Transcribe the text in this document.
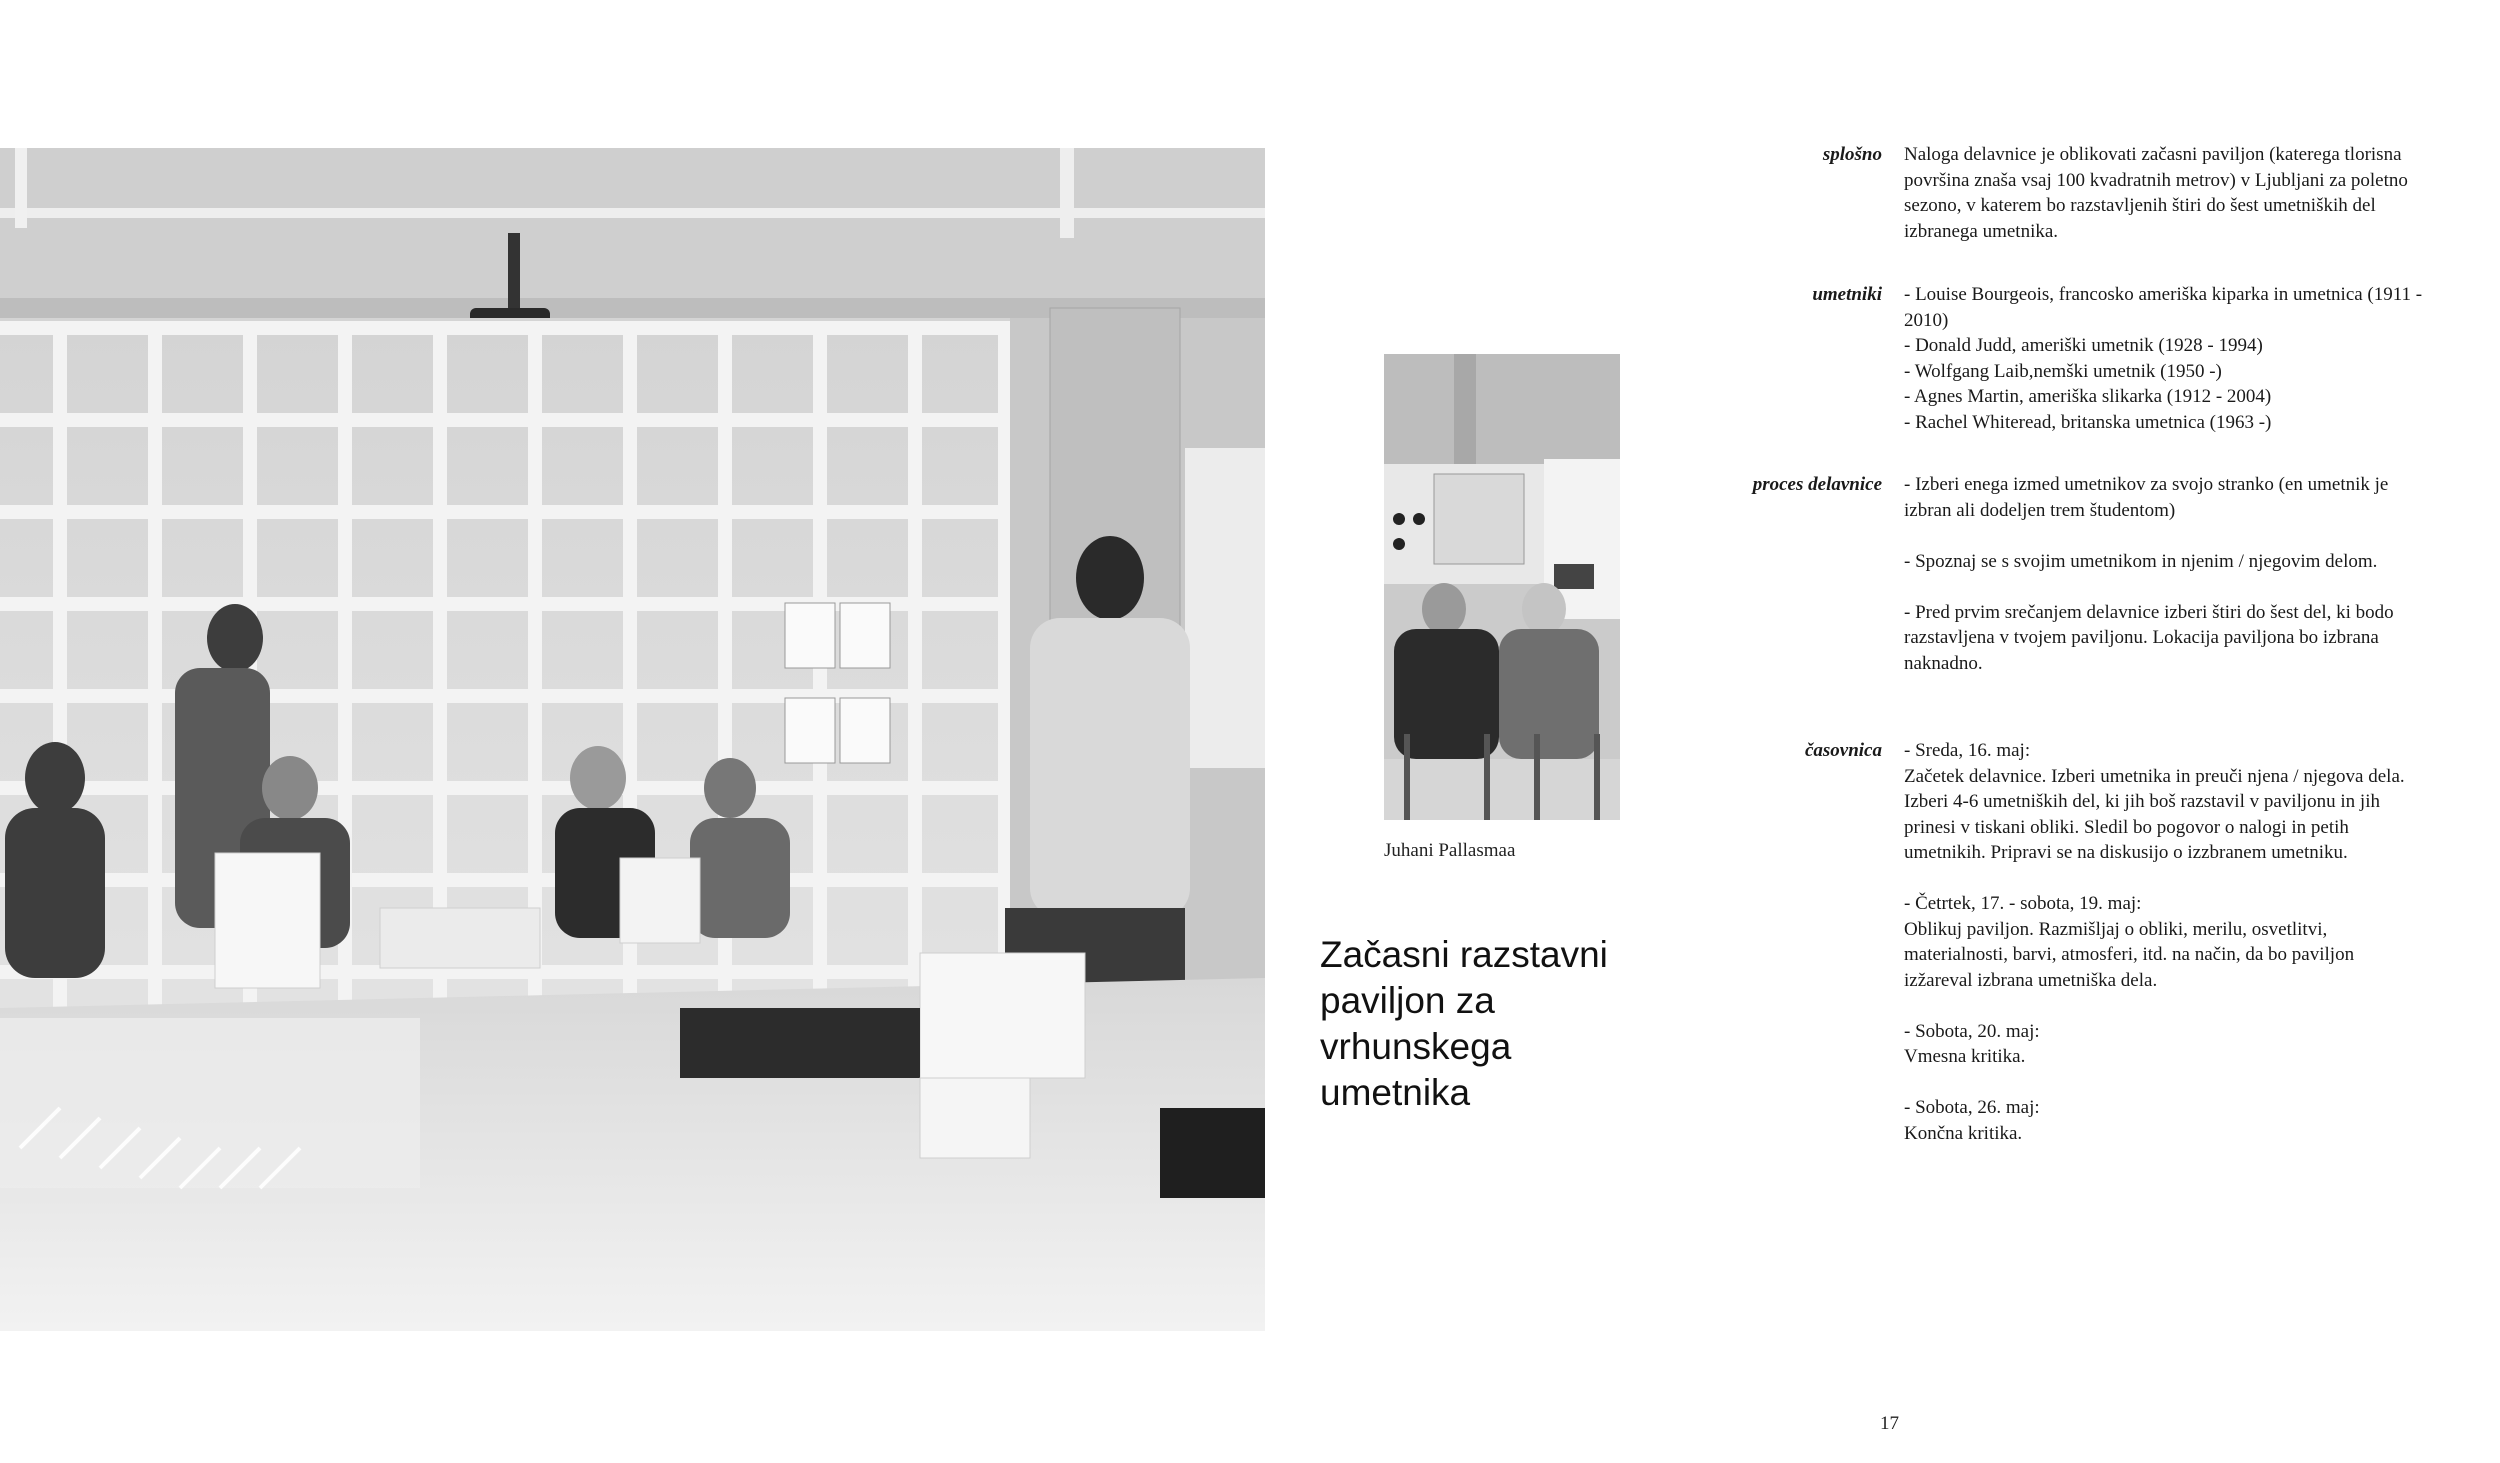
Juhani Pallasmaa
Začasni razstavni
paviljon za
vrhunskega
umetnika
splošno Naloga delavnice je oblikovati začasni paviljon (katerega tlorisna površina znaša vsaj 100 kvadratnih metrov) v Ljubljani za poletno sezono, v katerem bo razstavljenih štiri do šest umetniških del izbranega umetnika.

umetniki - Louise Bourgeois, francosko ameriška kiparka in umetnica (1911 - 2010)

- Donald Judd, ameriški umetnik (1928 - 1994)

- Wolfgang Laib,nemški umetnik (1950 -)

- Agnes Martin, ameriška slikarka (1912 - 2004)

- Rachel Whiteread, britanska umetnica (1963 -)

proces delavnice - Izberi enega izmed umetnikov za svojo stranko (en umetnik je izbran ali dodeljen trem študentom)

- Spoznaj se s svojim umetnikom in njenim / njegovim delom.

- Pred prvim srečanjem delavnice izberi štiri do šest del, ki bodo razstavljena v tvojem paviljonu. Lokacija paviljona bo izbrana naknadno.

časovnica - Sreda, 16. maj:

Začetek delavnice. Izberi umetnika in preuči njena / njegova dela. Izberi 4-6 umetniških del, ki jih boš razstavil v paviljonu in jih prinesi v tiskani obliki. Sledil bo pogovor o nalogi in petih umetnikih. Pripravi se na diskusijo o izzbranem umetniku.

- Četrtek, 17. - sobota, 19. maj:

Oblikuj paviljon. Razmišljaj o obliki, merilu, osvetlitvi, materialnosti, barvi, atmosferi, itd. na način, da bo paviljon izžareval izbrana umetniška dela.

- Sobota, 20. maj:

Vmesna kritika.

- Sobota, 26. maj:

Končna kritika.

17
